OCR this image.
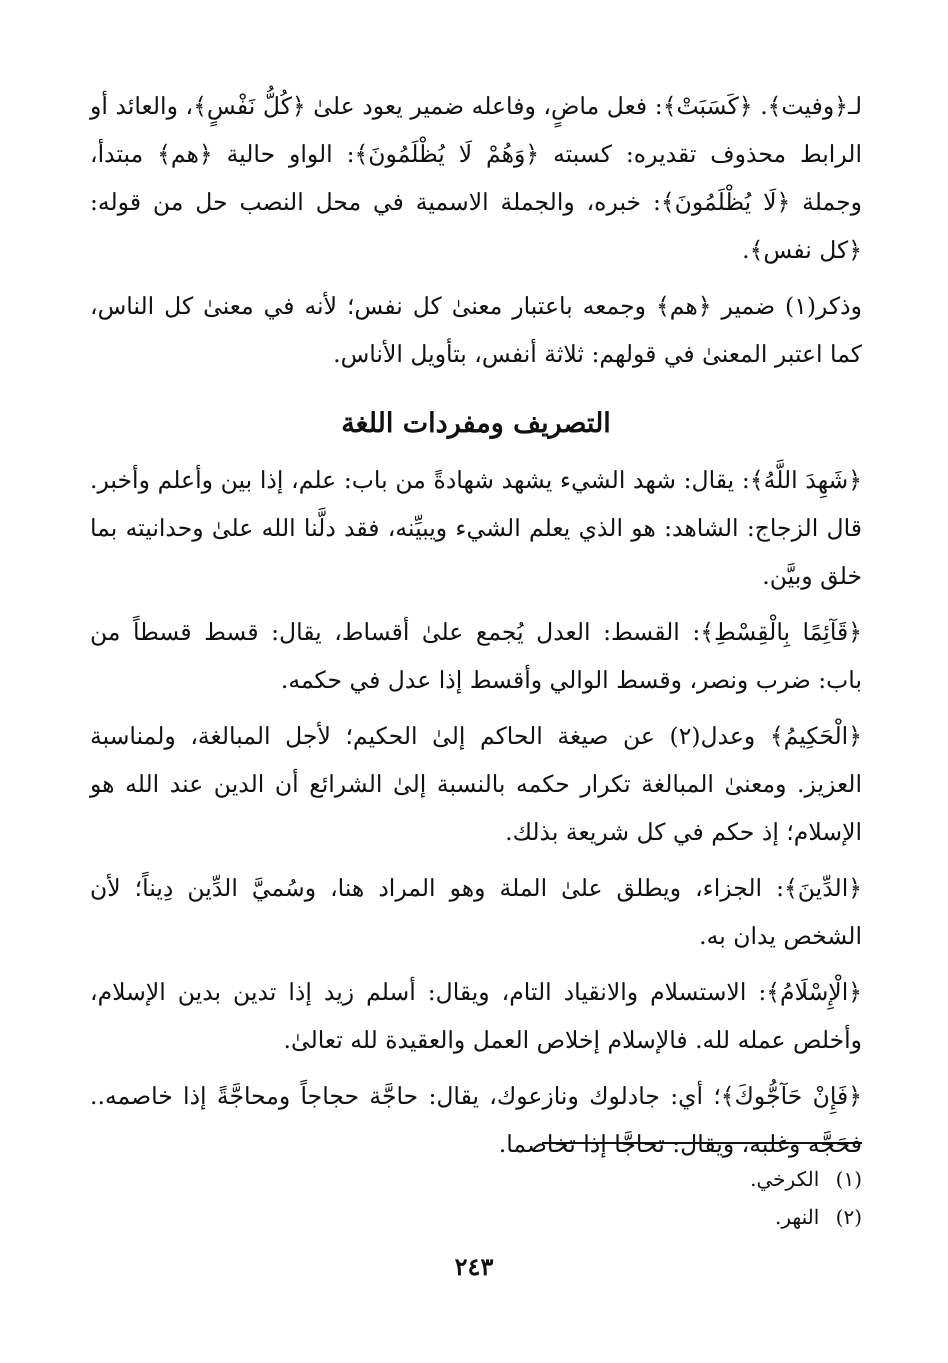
لـ﴿وفيت﴾. ﴿كَسَبَتْ﴾: فعل ماضٍ، وفاعله ضمير يعود علىٰ ﴿كُلُّ نَفْسٍ﴾، والعائد أو الرابط محذوف تقديره: كسبته ﴿وَهُمْ لَا يُظْلَمُونَ﴾: الواو حالية ﴿هم﴾ مبتدأ، وجملة ﴿لَا يُظْلَمُونَ﴾: خبره، والجملة الاسمية في محل النصب حل من قوله: ﴿كل نفس﴾.

وذكر(١) ضمير ﴿هم﴾ وجمعه باعتبار معنىٰ كل نفس؛ لأنه في معنىٰ كل الناس، كما اعتبر المعنىٰ في قولهم: ثلاثة أنفس، بتأويل الأناس.

التصريف ومفردات اللغة

﴿شَهِدَ اللَّهُ﴾: يقال: شهد الشيء يشهد شهادةً من باب: علم، إذا بين وأعلم وأخبر. قال الزجاج: الشاهد: هو الذي يعلم الشيء ويبيِّنه، فقد دلَّنا الله علىٰ وحدانيته بما خلق وبيَّن.

﴿قَآئِمًا بِالْقِسْطِ﴾: القسط: العدل يُجمع علىٰ أقساط، يقال: قسط قسطاً من باب: ضرب ونصر، وقسط الوالي وأقسط إذا عدل في حكمه.

﴿الْحَكِيمُ﴾ وعدل(٢) عن صيغة الحاكم إلىٰ الحكيم؛ لأجل المبالغة، ولمناسبة العزيز. ومعنىٰ المبالغة تكرار حكمه بالنسبة إلىٰ الشرائع أن الدين عند الله هو الإسلام؛ إذ حكم في كل شريعة بذلك.

﴿الدِّينَ﴾: الجزاء، ويطلق علىٰ الملة وهو المراد هنا، وسُميَّ الدِّين دِيناً؛ لأن الشخص يدان به.

﴿الْإِسْلَامُ﴾: الاستسلام والانقياد التام، ويقال: أسلم زيد إذا تدين بدين الإسلام، وأخلص عمله لله. فالإسلام إخلاص العمل والعقيدة لله تعالىٰ.

﴿فَإِنْ حَآجُّوكَ﴾؛ أي: جادلوك ونازعوك، يقال: حاجَّة حجاجاً ومحاجَّةً إذا خاصمه.. فحَجَّه وغلبه، ويقال: تحاجَّا إذا تخاصما.

(١) الكرخي.
(٢) النهر.
٢٤٣
